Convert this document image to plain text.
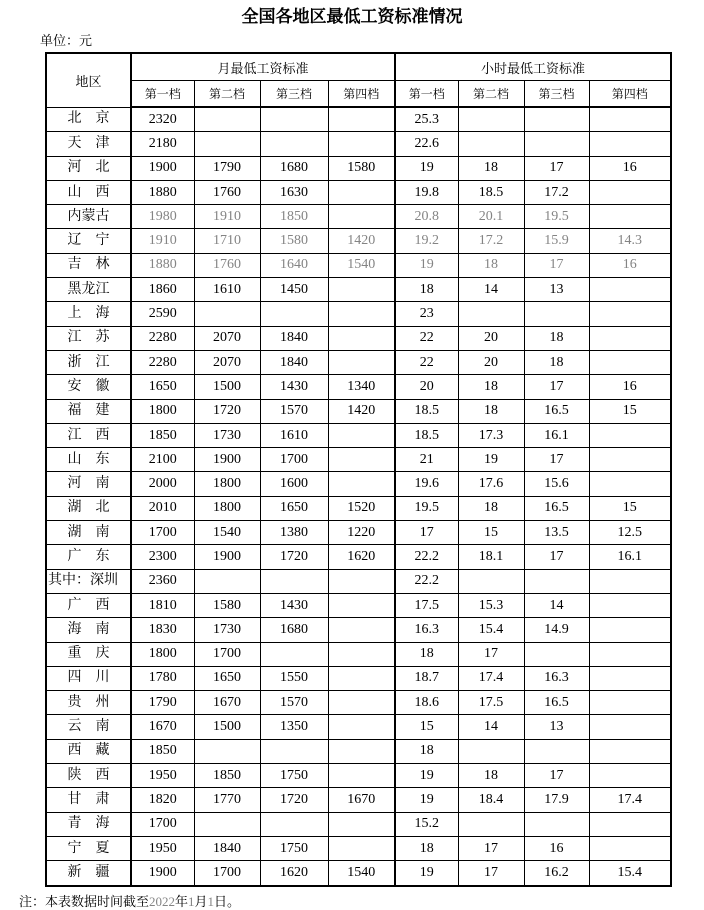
全国各地区最低工资标准情况
单位：元
地区	月最低工资标准				小时最低工资标准			
	第一档	第二档	第三档	第四档	第一档	第二档	第三档	第四档
北　京	2320				25.3			
天　津	2180				22.6			
河　北	1900	1790	1680	1580	19	18	17	16
山　西	1880	1760	1630		19.8	18.5	17.2	
内蒙古	1980	1910	1850		20.8	20.1	19.5	
辽　宁	1910	1710	1580	1420	19.2	17.2	15.9	14.3
吉　林	1880	1760	1640	1540	19	18	17	16
黑龙江	1860	1610	1450		18	14	13	
上　海	2590				23			
江　苏	2280	2070	1840		22	20	18	
浙　江	2280	2070	1840		22	20	18	
安　徽	1650	1500	1430	1340	20	18	17	16
福　建	1800	1720	1570	1420	18.5	18	16.5	15
江　西	1850	1730	1610		18.5	17.3	16.1	
山　东	2100	1900	1700		21	19	17	
河　南	2000	1800	1600		19.6	17.6	15.6	
湖　北	2010	1800	1650	1520	19.5	18	16.5	15
湖　南	1700	1540	1380	1220	17	15	13.5	12.5
广　东	2300	1900	1720	1620	22.2	18.1	17	16.1
其中：深圳	2360				22.2			
广　西	1810	1580	1430		17.5	15.3	14	
海　南	1830	1730	1680		16.3	15.4	14.9	
重　庆	1800	1700			18	17		
四　川	1780	1650	1550		18.7	17.4	16.3	
贵　州	1790	1670	1570		18.6	17.5	16.5	
云　南	1670	1500	1350		15	14	13	
西　藏	1850				18			
陕　西	1950	1850	1750		19	18	17	
甘　肃	1820	1770	1720	1670	19	18.4	17.9	17.4
青　海	1700				15.2			
宁　夏	1950	1840	1750		18	17	16	
新　疆	1900	1700	1620	1540	19	17	16.2	15.4
注：本表数据时间截至2022年1月1日。
